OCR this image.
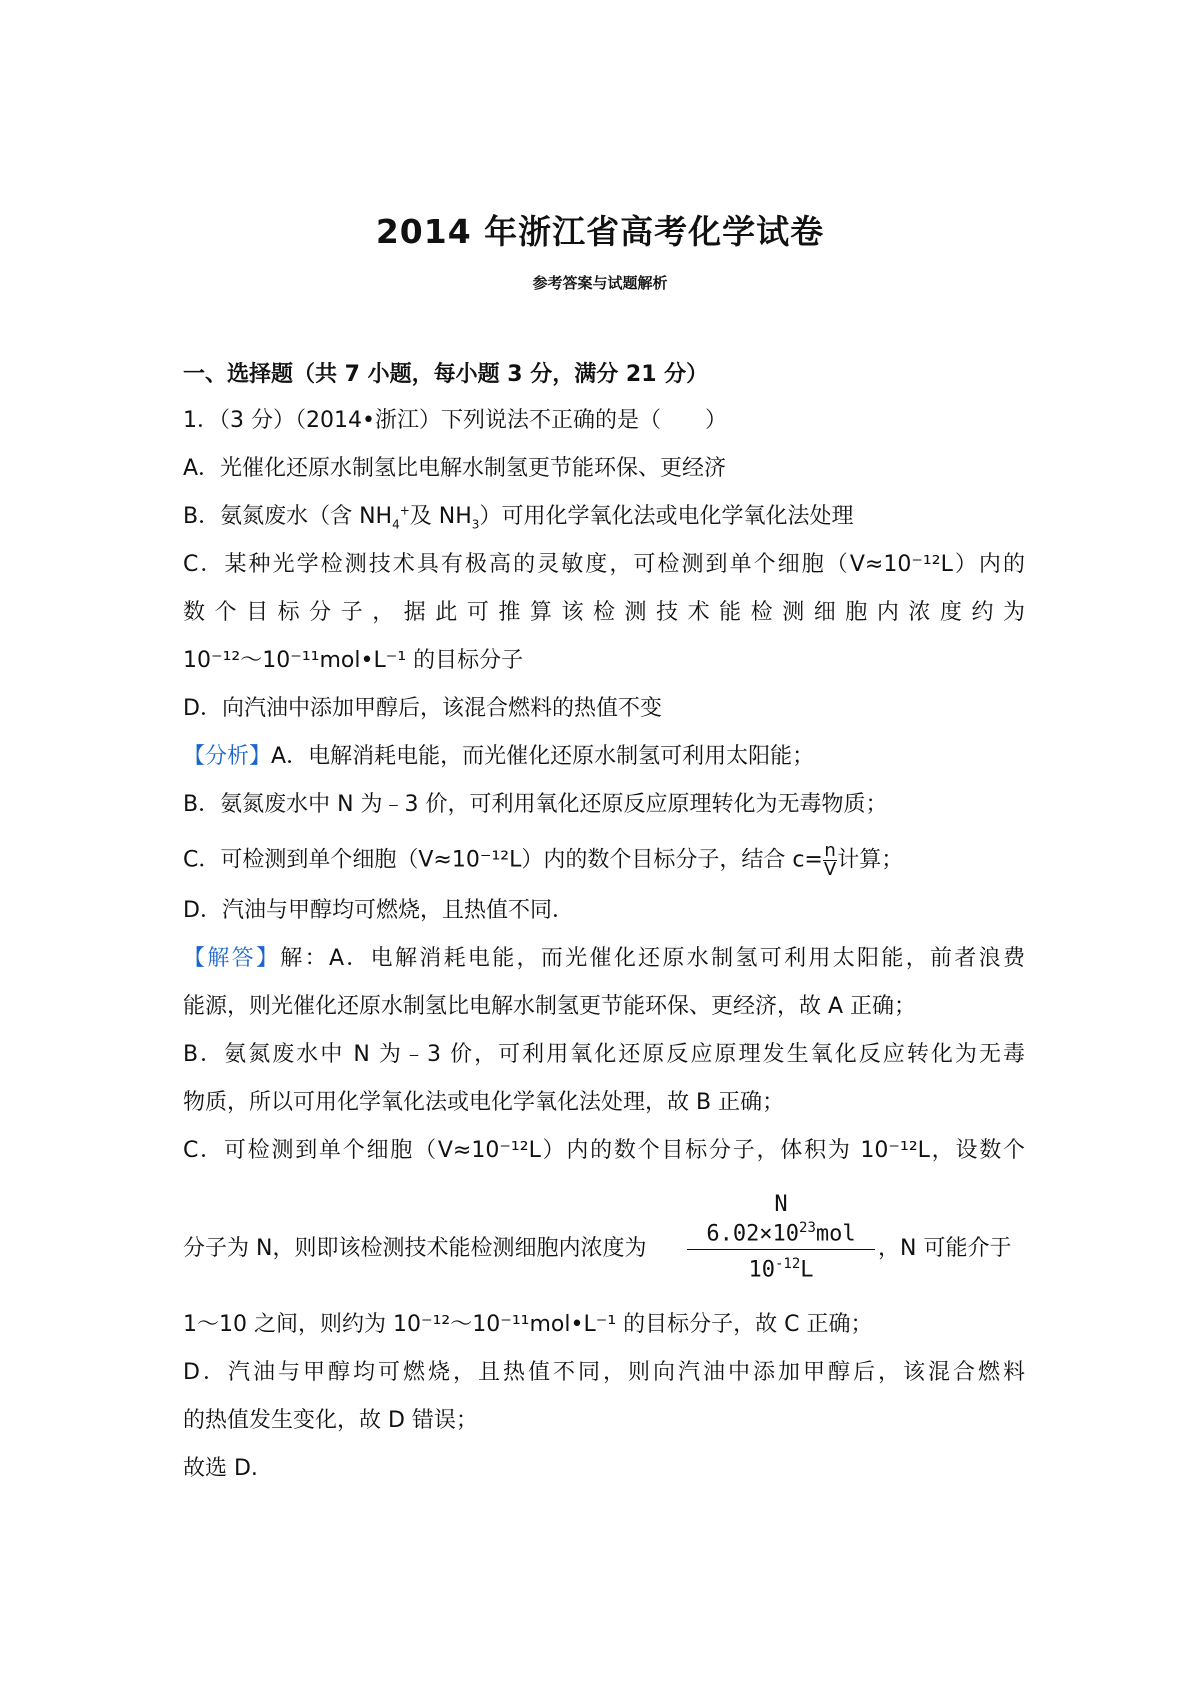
2014 年浙江省高考化学试卷
参考答案与试题解析
一、选择题（共 7 小题，每小题 3 分，满分 21 分）
1．（3 分）（2014•浙江）下列说法不正确的是（　　）
A．光催化还原水制氢比电解水制氢更节能环保、更经济
B．氨氮废水（含 $NH_4^+$及 $NH_3$）可用化学氧化法或电化学氧化法处理
C．某种光学检测技术具有极高的灵敏度，可检测到单个细胞（V≈10⁻¹²L）内的
数个目标分子，据此可推算该检测技术能检测细胞内浓度约为
10⁻¹²～10⁻¹¹mol•L⁻¹ 的目标分子
D．向汽油中添加甲醇后，该混合燃料的热值不变
【分析】A．电解消耗电能，而光催化还原水制氢可利用太阳能；
B．氨氮废水中 N 为﹣3 价，可利用氧化还原反应原理转化为无毒物质；
C．可检测到单个细胞（V≈10⁻¹²L）内的数个目标分子，结合 $c= \frac{n}{V}$ 计算；
D．汽油与甲醇均可燃烧，且热值不同．
【解答】解：A．电解消耗电能，而光催化还原水制氢可利用太阳能，前者浪费
能源，则光催化还原水制氢比电解水制氢更节能环保、更经济，故 A 正确；
B．氨氮废水中 N 为﹣3 价，可利用氧化还原反应原理发生氧化反应转化为无毒
物质，所以可用化学氧化法或电化学氧化法处理，故 B 正确；
C．可检测到单个细胞（V≈10⁻¹²L）内的数个目标分子，体积为 10⁻¹²L，设数个
N
$6.02\times 10^{23}mol$
$10^{-12}L$
分子为 N，则即该检测技术能检测细胞内浓度为	，N 可能介于
1～10 之间，则约为 10⁻¹²～10⁻¹¹mol•L⁻¹ 的目标分子，故 C 正确；
D．汽油与甲醇均可燃烧，且热值不同，则向汽油中添加甲醇后，该混合燃料
的热值发生变化，故 D 错误；
故选 D.
